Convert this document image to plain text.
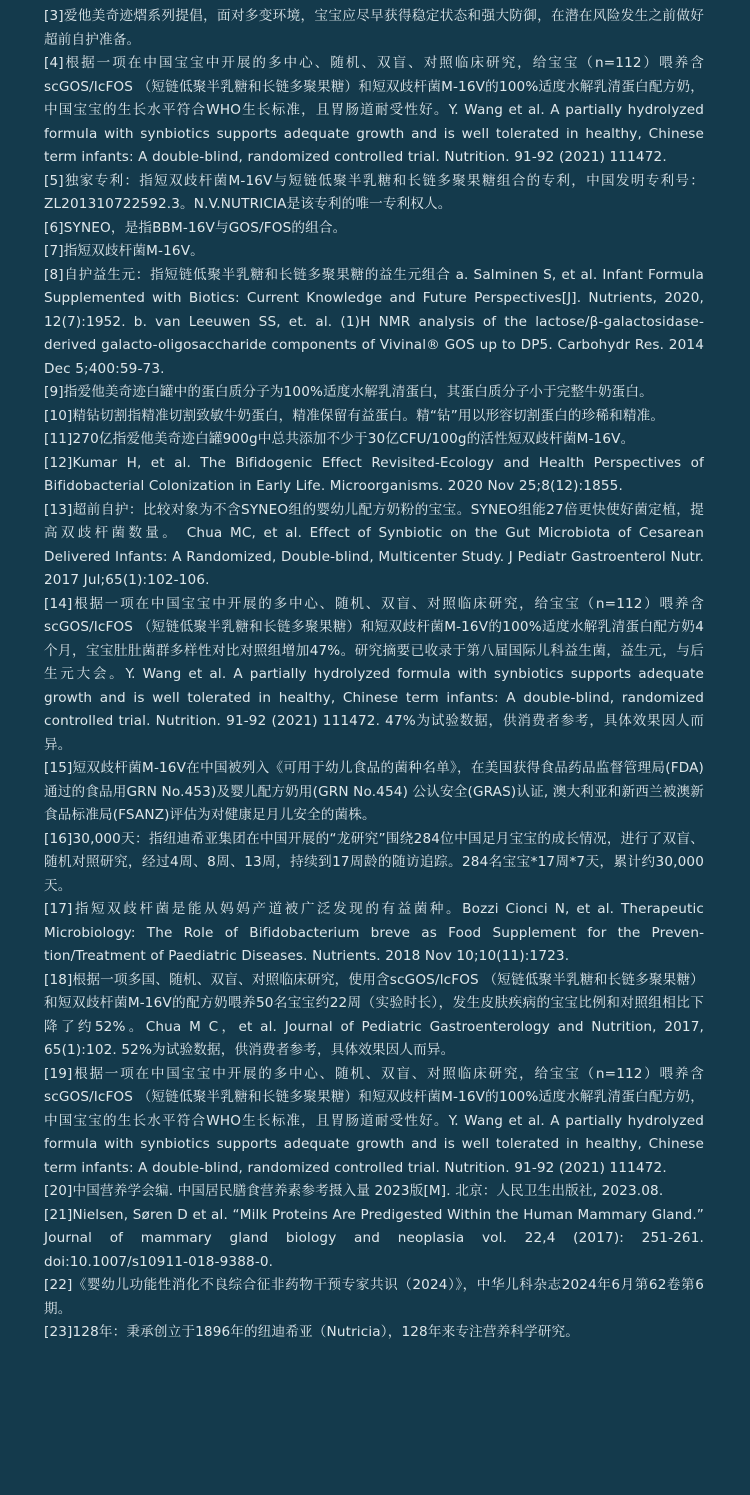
[3]爱他美奇迹熠系列提倡，面对多变环境，宝宝应尽早获得稳定状态和强大防御，在潜在风险发生之前做好超前自护准备。

[4]根据一项在中国宝宝中开展的多中心、随机、双盲、对照临床研究，给宝宝（n=112）喂养含scGOS/lcFOS （短链低聚半乳糖和长链多聚果糖）和短双歧杆菌M-16V的100%适度水解乳清蛋白配方奶，中国宝宝的生长水平符合WHO生长标准，且胃肠道耐受性好。Y. Wang et al. A partially hydrolyzed formula with synbiotics supports adequate growth and is well tolerated in healthy, Chinese term infants: A double-blind, randomized controlled trial. Nutrition. 91-92 (2021) 111472.

[5]独家专利：指短双歧杆菌M-16V与短链低聚半乳糖和长链多聚果糖组合的专利，中国发明专利号：ZL201310722592.3。N.V.NUTRICIA是该专利的唯一专利权人。

[6]SYNEO，是指BBM-16V与GOS/FOS的组合。

[7]指短双歧杆菌M-16V。

[8]自护益生元：指短链低聚半乳糖和长链多聚果糖的益生元组合 a. Salminen S, et al. Infant Formula Supplemented with Biotics: Current Knowledge and Future Perspectives[J]. Nutrients, 2020, 12(7):1952. b. van Leeuwen SS, et. al. (1)H NMR analysis of the lactose/β-galactosidase-derived galacto-oligosaccharide components of Vivinal® GOS up to DP5. Carbohydr Res. 2014 Dec 5;400:59-73.

[9]指爱他美奇迹白罐中的蛋白质分子为100%适度水解乳清蛋白，其蛋白质分子小于完整牛奶蛋白。

[10]精钻切割指精准切割致敏牛奶蛋白，精准保留有益蛋白。精“钻”用以形容切割蛋白的珍稀和精准。

[11]270亿指爱他美奇迹白罐900g中总共添加不少于30亿CFU/100g的活性短双歧杆菌M-16V。

[12]Kumar H, et al. The Bifidogenic Effect Revisited-Ecology and Health Perspectives of Bifidobacterial Colonization in Early Life. Microorganisms. 2020 Nov 25;8(12):1855.

[13]超前自护：比较对象为不含SYNEO组的婴幼儿配方奶粉的宝宝。SYNEO组能27倍更快使好菌定植，提高双歧杆菌数量。 Chua MC, et al. Effect of Synbiotic on the Gut Microbiota of Cesarean Delivered Infants: A Randomized, Double-blind, Multicenter Study. J Pediatr Gastroenterol Nutr. 2017 Jul;65(1):102-106.

[14]根据一项在中国宝宝中开展的多中心、随机、双盲、对照临床研究，给宝宝（n=112）喂养含scGOS/lcFOS （短链低聚半乳糖和长链多聚果糖）和短双歧杆菌M-16V的100%适度水解乳清蛋白配方奶4个月，宝宝肚肚菌群多样性对比对照组增加47%。研究摘要已收录于第八届国际儿科益生菌，益生元，与后生元大会。Y. Wang et al. A partially hydrolyzed formula with synbiotics supports adequate growth and is well tolerated in healthy, Chinese term infants: A double-blind, randomized controlled trial. Nutrition. 91-92 (2021) 111472. 47%为试验数据，供消费者参考，具体效果因人而异。

[15]短双歧杆菌M-16V在中国被列入《可用于幼儿食品的菌种名单》，在美国获得食品药品监督管理局(FDA)通过的食品用GRN No.453)及婴儿配方奶用(GRN No.454) 公认安全(GRAS)认证, 澳大利亚和新西兰被澳新食品标准局(FSANZ)评估为对健康足月儿安全的菌株。

[16]30,000天：指纽迪希亚集团在中国开展的“龙研究”围绕284位中国足月宝宝的成长情况，进行了双盲、随机对照研究，经过4周、8周、13周，持续到17周龄的随访追踪。284名宝宝*17周*7天，累计约30,000天。

[17]指短双歧杆菌是能从妈妈产道被广泛发现的有益菌种。Bozzi Cionci N, et al. Therapeutic Microbiology: The Role of Bifidobacterium breve as Food Supplement for the Prevention/Treatment of Paediatric Diseases. Nutrients. 2018 Nov 10;10(11):1723.

[18]根据一项多国、随机、双盲、对照临床研究，使用含scGOS/lcFOS （短链低聚半乳糖和长链多聚果糖）和短双歧杆菌M-16V的配方奶喂养50名宝宝约22周（实验时长），发生皮肤疾病的宝宝比例和对照组相比下降了约52%。Chua M C，et al. Journal of Pediatric Gastroenterology and Nutrition, 2017, 65(1):102. 52%为试验数据，供消费者参考，具体效果因人而异。

[19]根据一项在中国宝宝中开展的多中心、随机、双盲、对照临床研究，给宝宝（n=112）喂养含scGOS/lcFOS （短链低聚半乳糖和长链多聚果糖）和短双歧杆菌M-16V的100%适度水解乳清蛋白配方奶，中国宝宝的生长水平符合WHO生长标准，且胃肠道耐受性好。Y. Wang et al. A partially hydrolyzed formula with synbiotics supports adequate growth and is well tolerated in healthy, Chinese term infants: A double-blind, randomized controlled trial. Nutrition. 91-92 (2021) 111472.

[20]中国营养学会编. 中国居民膳食营养素参考摄入量 2023版[M]. 北京：人民卫生出版社, 2023.08.

[21]Nielsen, Søren D et al. “Milk Proteins Are Predigested Within the Human Mammary Gland.” Journal of mammary gland biology and neoplasia vol. 22,4 (2017): 251-261. doi:10.1007/s10911-018-9388-0.

[22]《婴幼儿功能性消化不良综合征非药物干预专家共识（2024）》，中华儿科杂志2024年6月第62卷第6期。

[23]128年：秉承创立于1896年的纽迪希亚（Nutricia），128年来专注营养科学研究。
